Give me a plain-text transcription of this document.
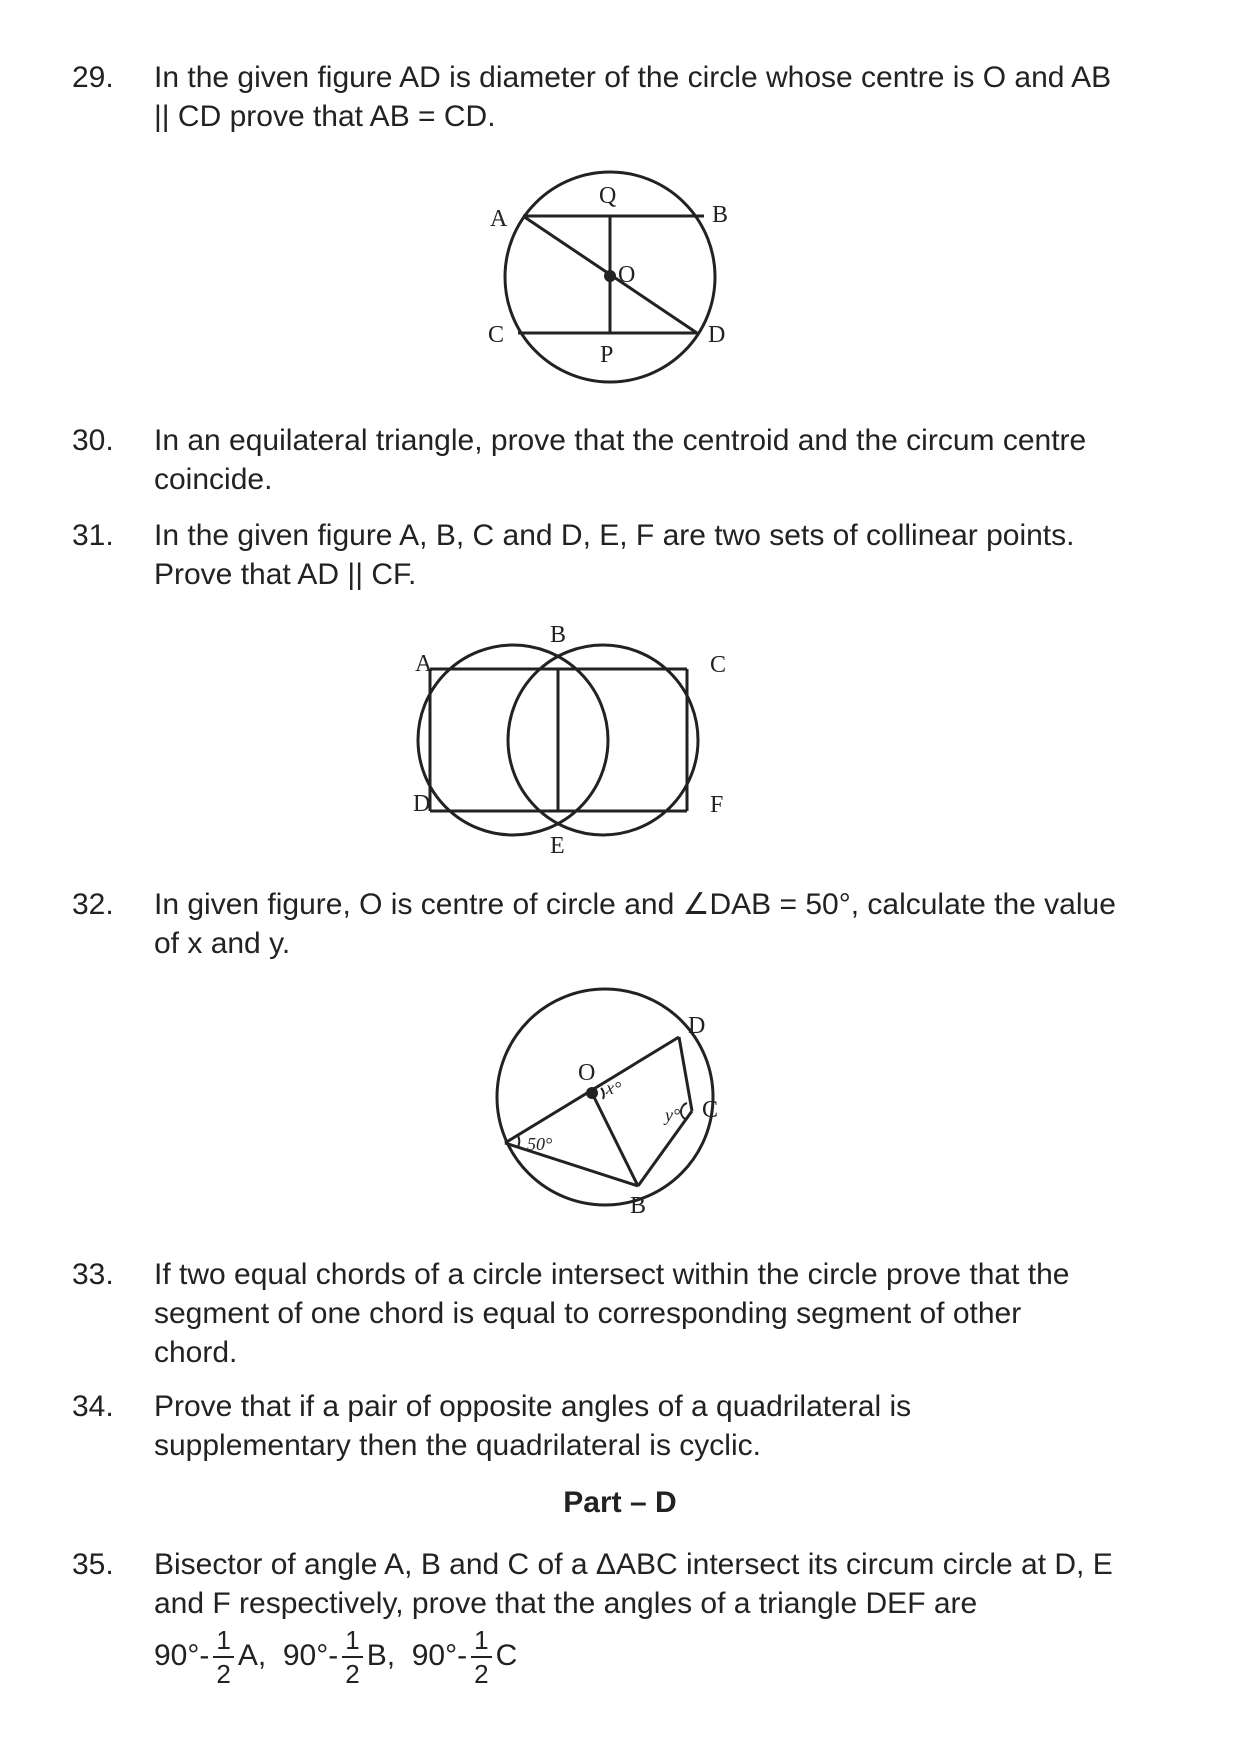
29. In the given figure AD is diameter of the circle whose centre is O and AB
|| CD prove that AB = CD.
A	B
C	D
O
P
Q
30. In an equilateral triangle, prove that the centroid and the circum centre
coincide.
31. In the given figure A, B, C and D, E, F are two sets of collinear points.
Prove that AD || CF.
A
B
C
D
E
F
32. In given figure, O is centre of circle and ∠DAB = 50°, calculate the value
of x and y.
O
D
C
B
x°
y°
50°
33. If two equal chords of a circle intersect within the circle prove that the
segment of one chord is equal to corresponding segment of other
chord.
34. Prove that if a pair of opposite angles of a quadrilateral is
supplementary then the quadrilateral is cyclic.
Part – D
35. Bisector of angle A, B and C of a ΔABC intersect its circum circle at D, E
and F respectively, prove that the angles of a triangle DEF are
$90^\circ- \frac{1}{2} A$, $90^\circ- \frac{1}{2} B$, $90^\circ- \frac{1}{2}$ C
